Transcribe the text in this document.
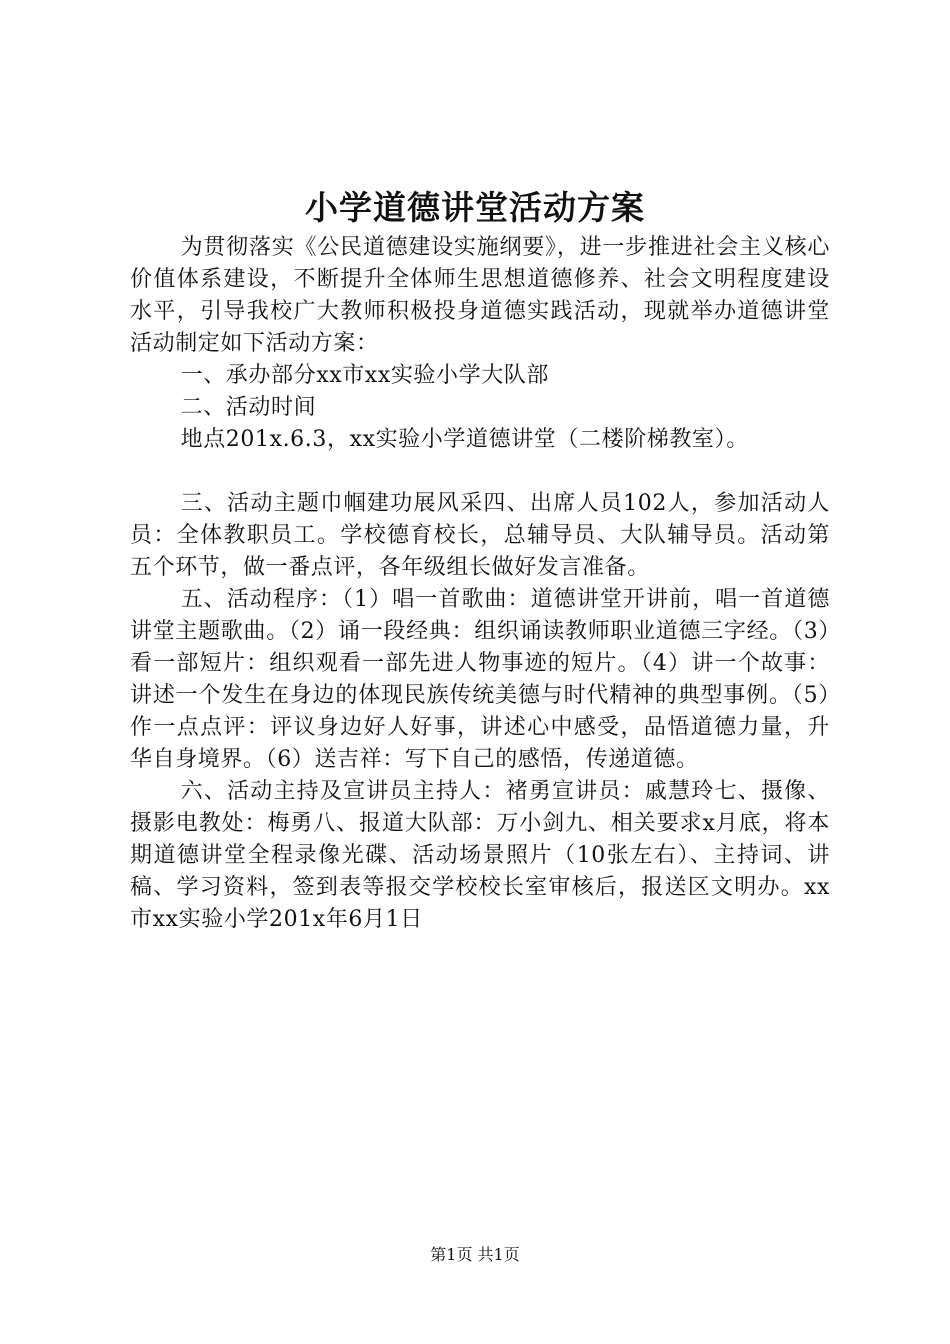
小学道德讲堂活动方案

为贯彻落实《公民道德建设实施纲要》，进一步推进社会主义核心价值体系建设，不断提升全体师生思想道德修养、社会文明程度建设水平，引导我校广大教师积极投身道德实践活动，现就举办道德讲堂活动制定如下活动方案：

一、承办部分xx市xx实验小学大队部

二、活动时间

地点201x.6.3，xx实验小学道德讲堂（二楼阶梯教室）。

三、活动主题巾帼建功展风采四、出席人员102人，参加活动人员：全体教职员工。学校德育校长，总辅导员、大队辅导员。活动第五个环节，做一番点评，各年级组长做好发言准备。

五、活动程序：（1）唱一首歌曲：道德讲堂开讲前，唱一首道德讲堂主题歌曲。（2）诵一段经典：组织诵读教师职业道德三字经。（3）看一部短片：组织观看一部先进人物事迹的短片。（4）讲一个故事：讲述一个发生在身边的体现民族传统美德与时代精神的典型事例。（5）作一点点评：评议身边好人好事，讲述心中感受，品悟道德力量，升华自身境界。（6）送吉祥：写下自己的感悟，传递道德。

六、活动主持及宣讲员主持人：褚勇宣讲员：戚慧玲七、摄像、摄影电教处：梅勇八、报道大队部：万小剑九、相关要求x月底，将本期道德讲堂全程录像光碟、活动场景照片（10张左右）、主持词、讲稿、学习资料，签到表等报交学校校长室审核后，报送区文明办。xx市xx实验小学201x年6月1日

第1页 共1页
